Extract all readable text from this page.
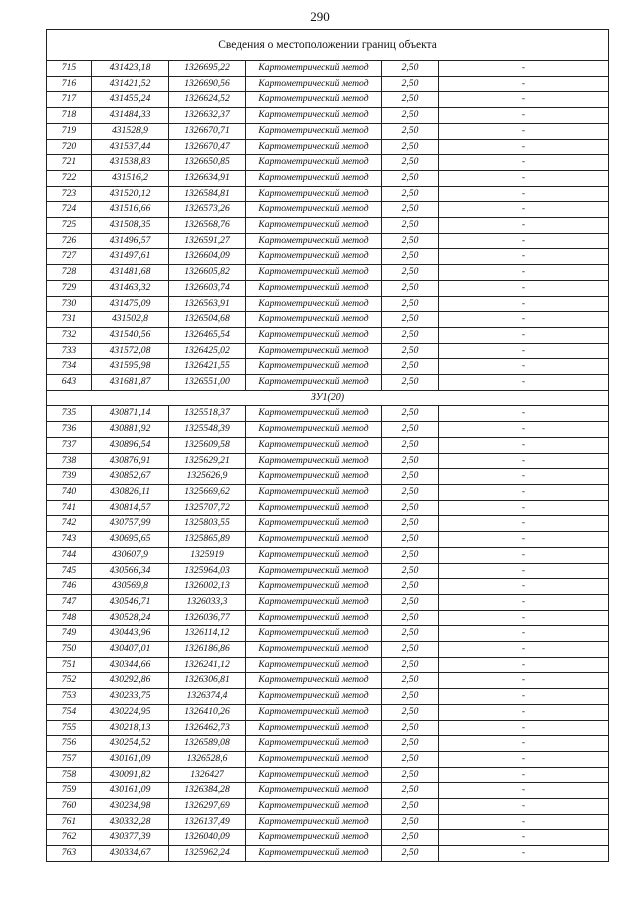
290
Сведения о местоположении границ объекта					
715	431423,18	1326695,22	Картометрический метод	2,50	-
716	431421,52	1326690,56	Картометрический метод	2,50	-
717	431455,24	1326624,52	Картометрический метод	2,50	-
718	431484,33	1326632,37	Картометрический метод	2,50	-
719	431528,9	1326670,71	Картометрический метод	2,50	-
720	431537,44	1326670,47	Картометрический метод	2,50	-
721	431538,83	1326650,85	Картометрический метод	2,50	-
722	431516,2	1326634,91	Картометрический метод	2,50	-
723	431520,12	1326584,81	Картометрический метод	2,50	-
724	431516,66	1326573,26	Картометрический метод	2,50	-
725	431508,35	1326568,76	Картометрический метод	2,50	-
726	431496,57	1326591,27	Картометрический метод	2,50	-
727	431497,61	1326604,09	Картометрический метод	2,50	-
728	431481,68	1326605,82	Картометрический метод	2,50	-
729	431463,32	1326603,74	Картометрический метод	2,50	-
730	431475,09	1326563,91	Картометрический метод	2,50	-
731	431502,8	1326504,68	Картометрический метод	2,50	-
732	431540,56	1326465,54	Картометрический метод	2,50	-
733	431572,08	1326425,02	Картометрический метод	2,50	-
734	431595,98	1326421,55	Картометрический метод	2,50	-
643	431681,87	1326551,00	Картометрический метод	2,50	-
ЗУ1(20)					
735	430871,14	1325518,37	Картометрический метод	2,50	-
736	430881,92	1325548,39	Картометрический метод	2,50	-
737	430896,54	1325609,58	Картометрический метод	2,50	-
738	430876,91	1325629,21	Картометрический метод	2,50	-
739	430852,67	1325626,9	Картометрический метод	2,50	-
740	430826,11	1325669,62	Картометрический метод	2,50	-
741	430814,57	1325707,72	Картометрический метод	2,50	-
742	430757,99	1325803,55	Картометрический метод	2,50	-
743	430695,65	1325865,89	Картометрический метод	2,50	-
744	430607,9	1325919	Картометрический метод	2,50	-
745	430566,34	1325964,03	Картометрический метод	2,50	-
746	430569,8	1326002,13	Картометрический метод	2,50	-
747	430546,71	1326033,3	Картометрический метод	2,50	-
748	430528,24	1326036,77	Картометрический метод	2,50	-
749	430443,96	1326114,12	Картометрический метод	2,50	-
750	430407,01	1326186,86	Картометрический метод	2,50	-
751	430344,66	1326241,12	Картометрический метод	2,50	-
752	430292,86	1326306,81	Картометрический метод	2,50	-
753	430233,75	1326374,4	Картометрический метод	2,50	-
754	430224,95	1326410,26	Картометрический метод	2,50	-
755	430218,13	1326462,73	Картометрический метод	2,50	-
756	430254,52	1326589,08	Картометрический метод	2,50	-
757	430161,09	1326528,6	Картометрический метод	2,50	-
758	430091,82	1326427	Картометрический метод	2,50	-
759	430161,09	1326384,28	Картометрический метод	2,50	-
760	430234,98	1326297,69	Картометрический метод	2,50	-
761	430332,28	1326137,49	Картометрический метод	2,50	-
762	430377,39	1326040,09	Картометрический метод	2,50	-
763	430334,67	1325962,24	Картометрический метод	2,50	-
